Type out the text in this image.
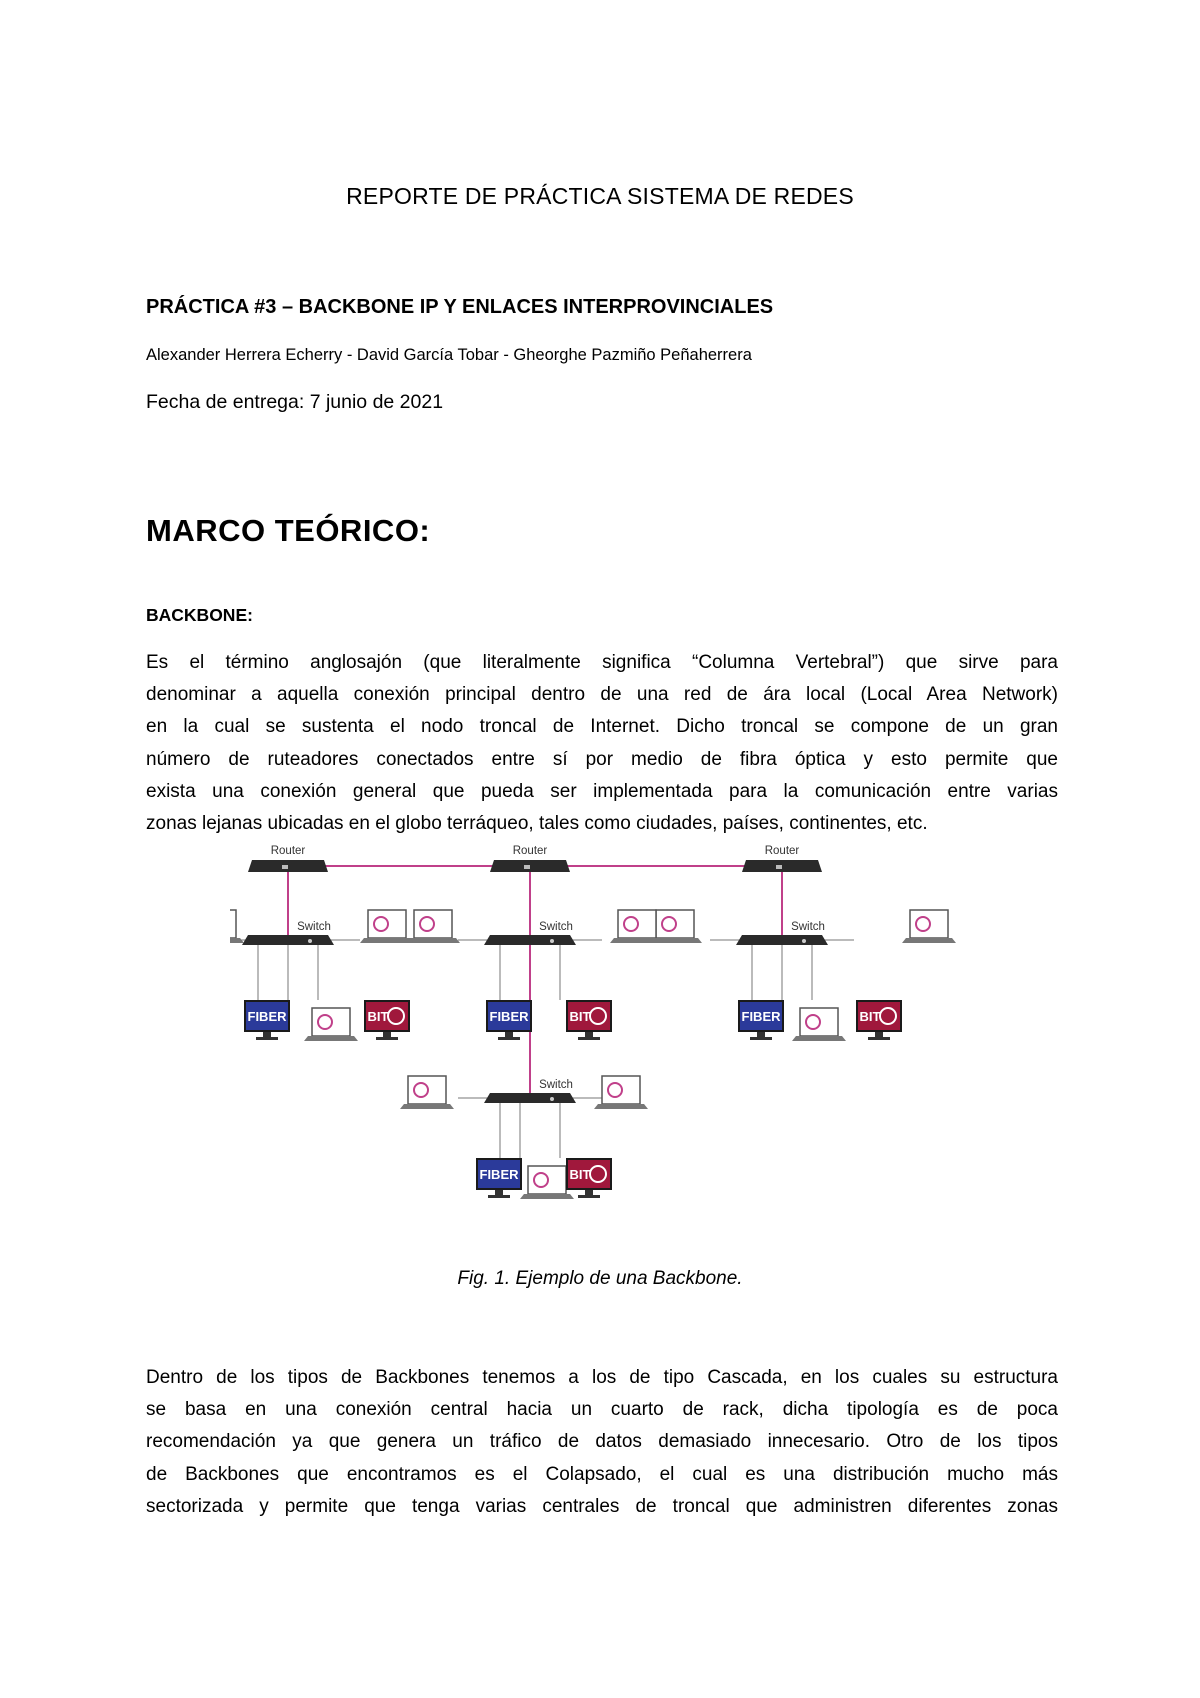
REPORTE DE PRÁCTICA SISTEMA DE REDES
PRÁCTICA #3 – BACKBONE IP Y ENLACES INTERPROVINCIALES
Alexander Herrera Echerry - David García Tobar - Gheorghe Pazmiño Peñaherrera
Fecha de entrega: 7 junio de 2021
MARCO TEÓRICO:
BACKBONE:

Es el término anglosajón (que literalmente significa “Columna Vertebral”) que sirve para
denominar a aquella conexión principal dentro de una red de ára local (Local Area Network)
en la cual se sustenta el nodo troncal de Internet. Dicho troncal se compone de un gran
número de ruteadores conectados entre sí por medio de fibra óptica y esto permite que
exista una conexión general que pueda ser implementada para la comunicación entre varias
zonas lejanas ubicadas en el globo terráqueo, tales como ciudades, países, continentes, etc.

Router	Router	Router
Switch	Switch	Switch
Switch
FIBER	BIT	FIBER	BIT	FIBER	BIT
FIBER	BIT
Fig. 1. Ejemplo de una Backbone.

Dentro de los tipos de Backbones tenemos a los de tipo Cascada, en los cuales su estructura
se basa en una conexión central hacia un cuarto de rack, dicha tipología es de poca
recomendación ya que genera un tráfico de datos demasiado innecesario. Otro de los tipos
de Backbones que encontramos es el Colapsado, el cual es una distribución mucho más
sectorizada y permite que tenga varias centrales de troncal que administren diferentes zonas
